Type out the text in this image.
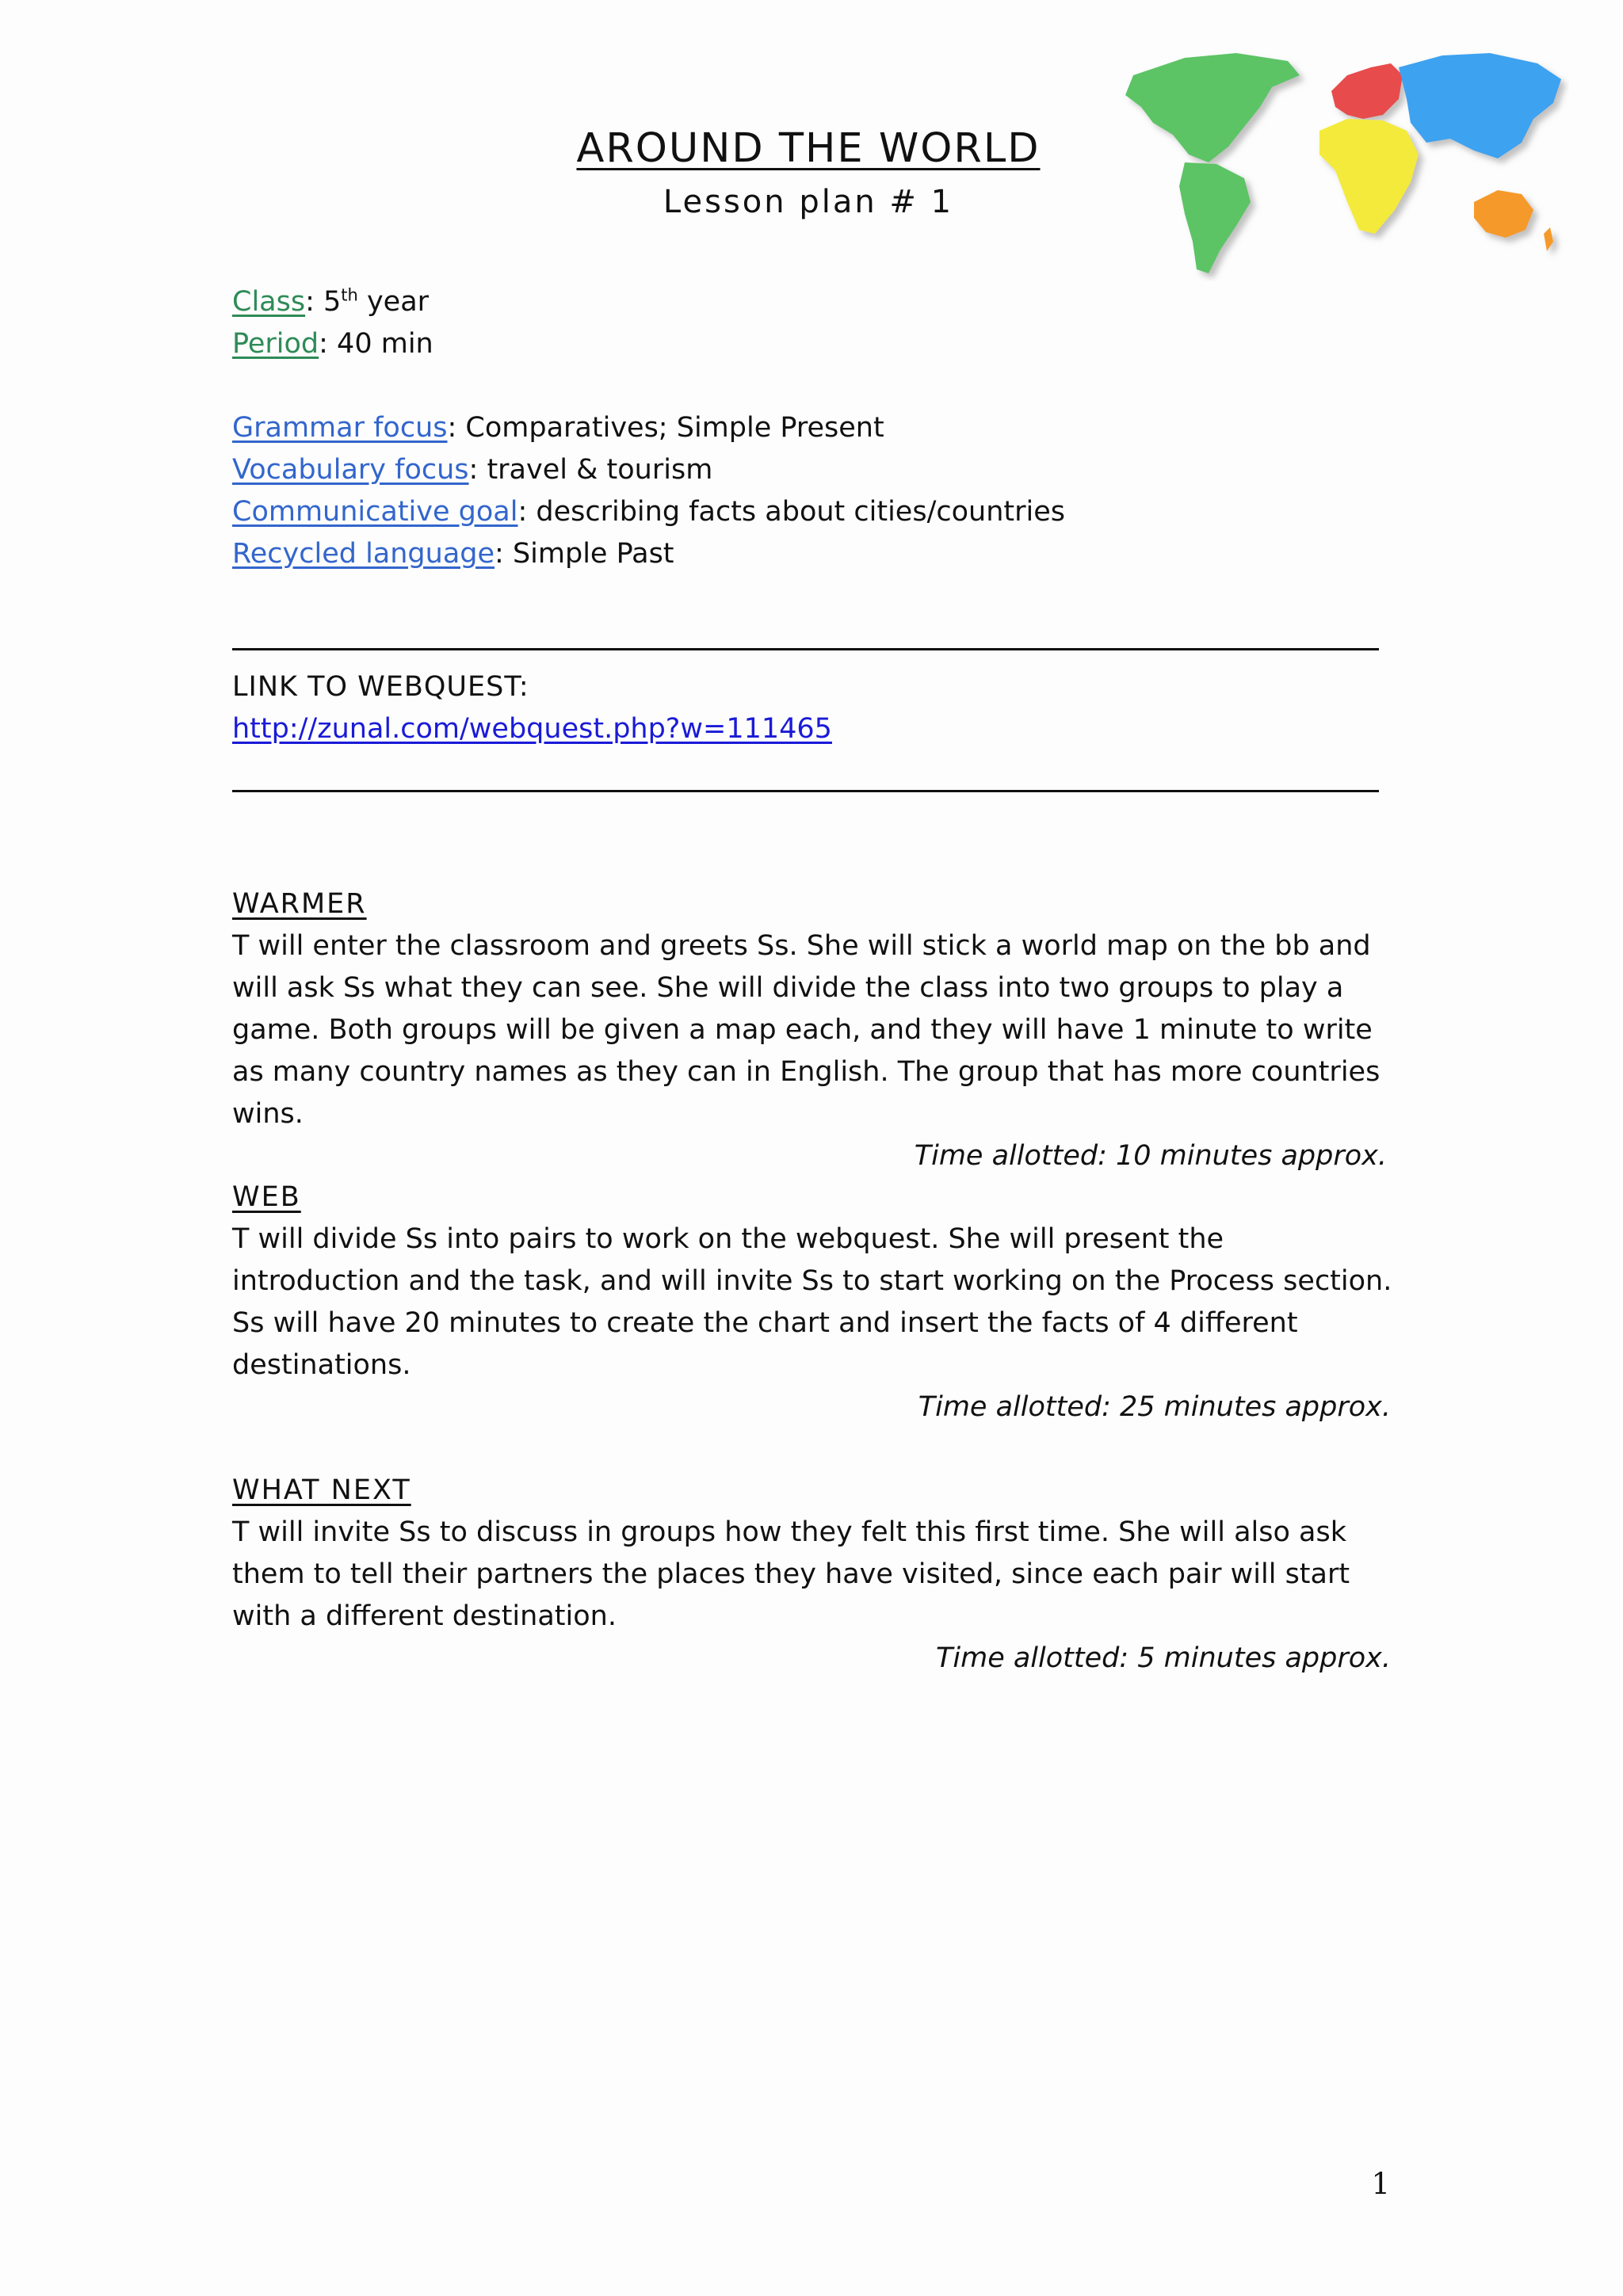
AROUND THE WORLD
Lesson plan # 1
Class: 5th year
Period: 40 min
Grammar focus: Comparatives; Simple Present
Vocabulary focus: travel & tourism
Communicative goal: describing facts about cities/countries
Recycled language: Simple Past
LINK TO WEBQUEST:
http://zunal.com/webquest.php?w=111465
WARMER
T will enter the classroom and greets Ss. She will stick a world map on the bb and will ask Ss what they can see. She will divide the class into two groups to play a game. Both groups will be given a map each, and they will have 1 minute to write as many country names as they can in English. The group that has more countries wins.
Time allotted: 10 minutes approx.
WEB
T will divide Ss into pairs to work on the webquest. She will present the introduction and the task, and will invite Ss to start working on the Process section.
Ss will have 20 minutes to create the chart and insert the facts of 4 different destinations.
Time allotted: 25 minutes approx.
WHAT NEXT
T will invite Ss to discuss in groups how they felt this first time. She will also ask them to tell their partners the places they have visited, since each pair will start with a different destination.
Time allotted: 5 minutes approx.
1
